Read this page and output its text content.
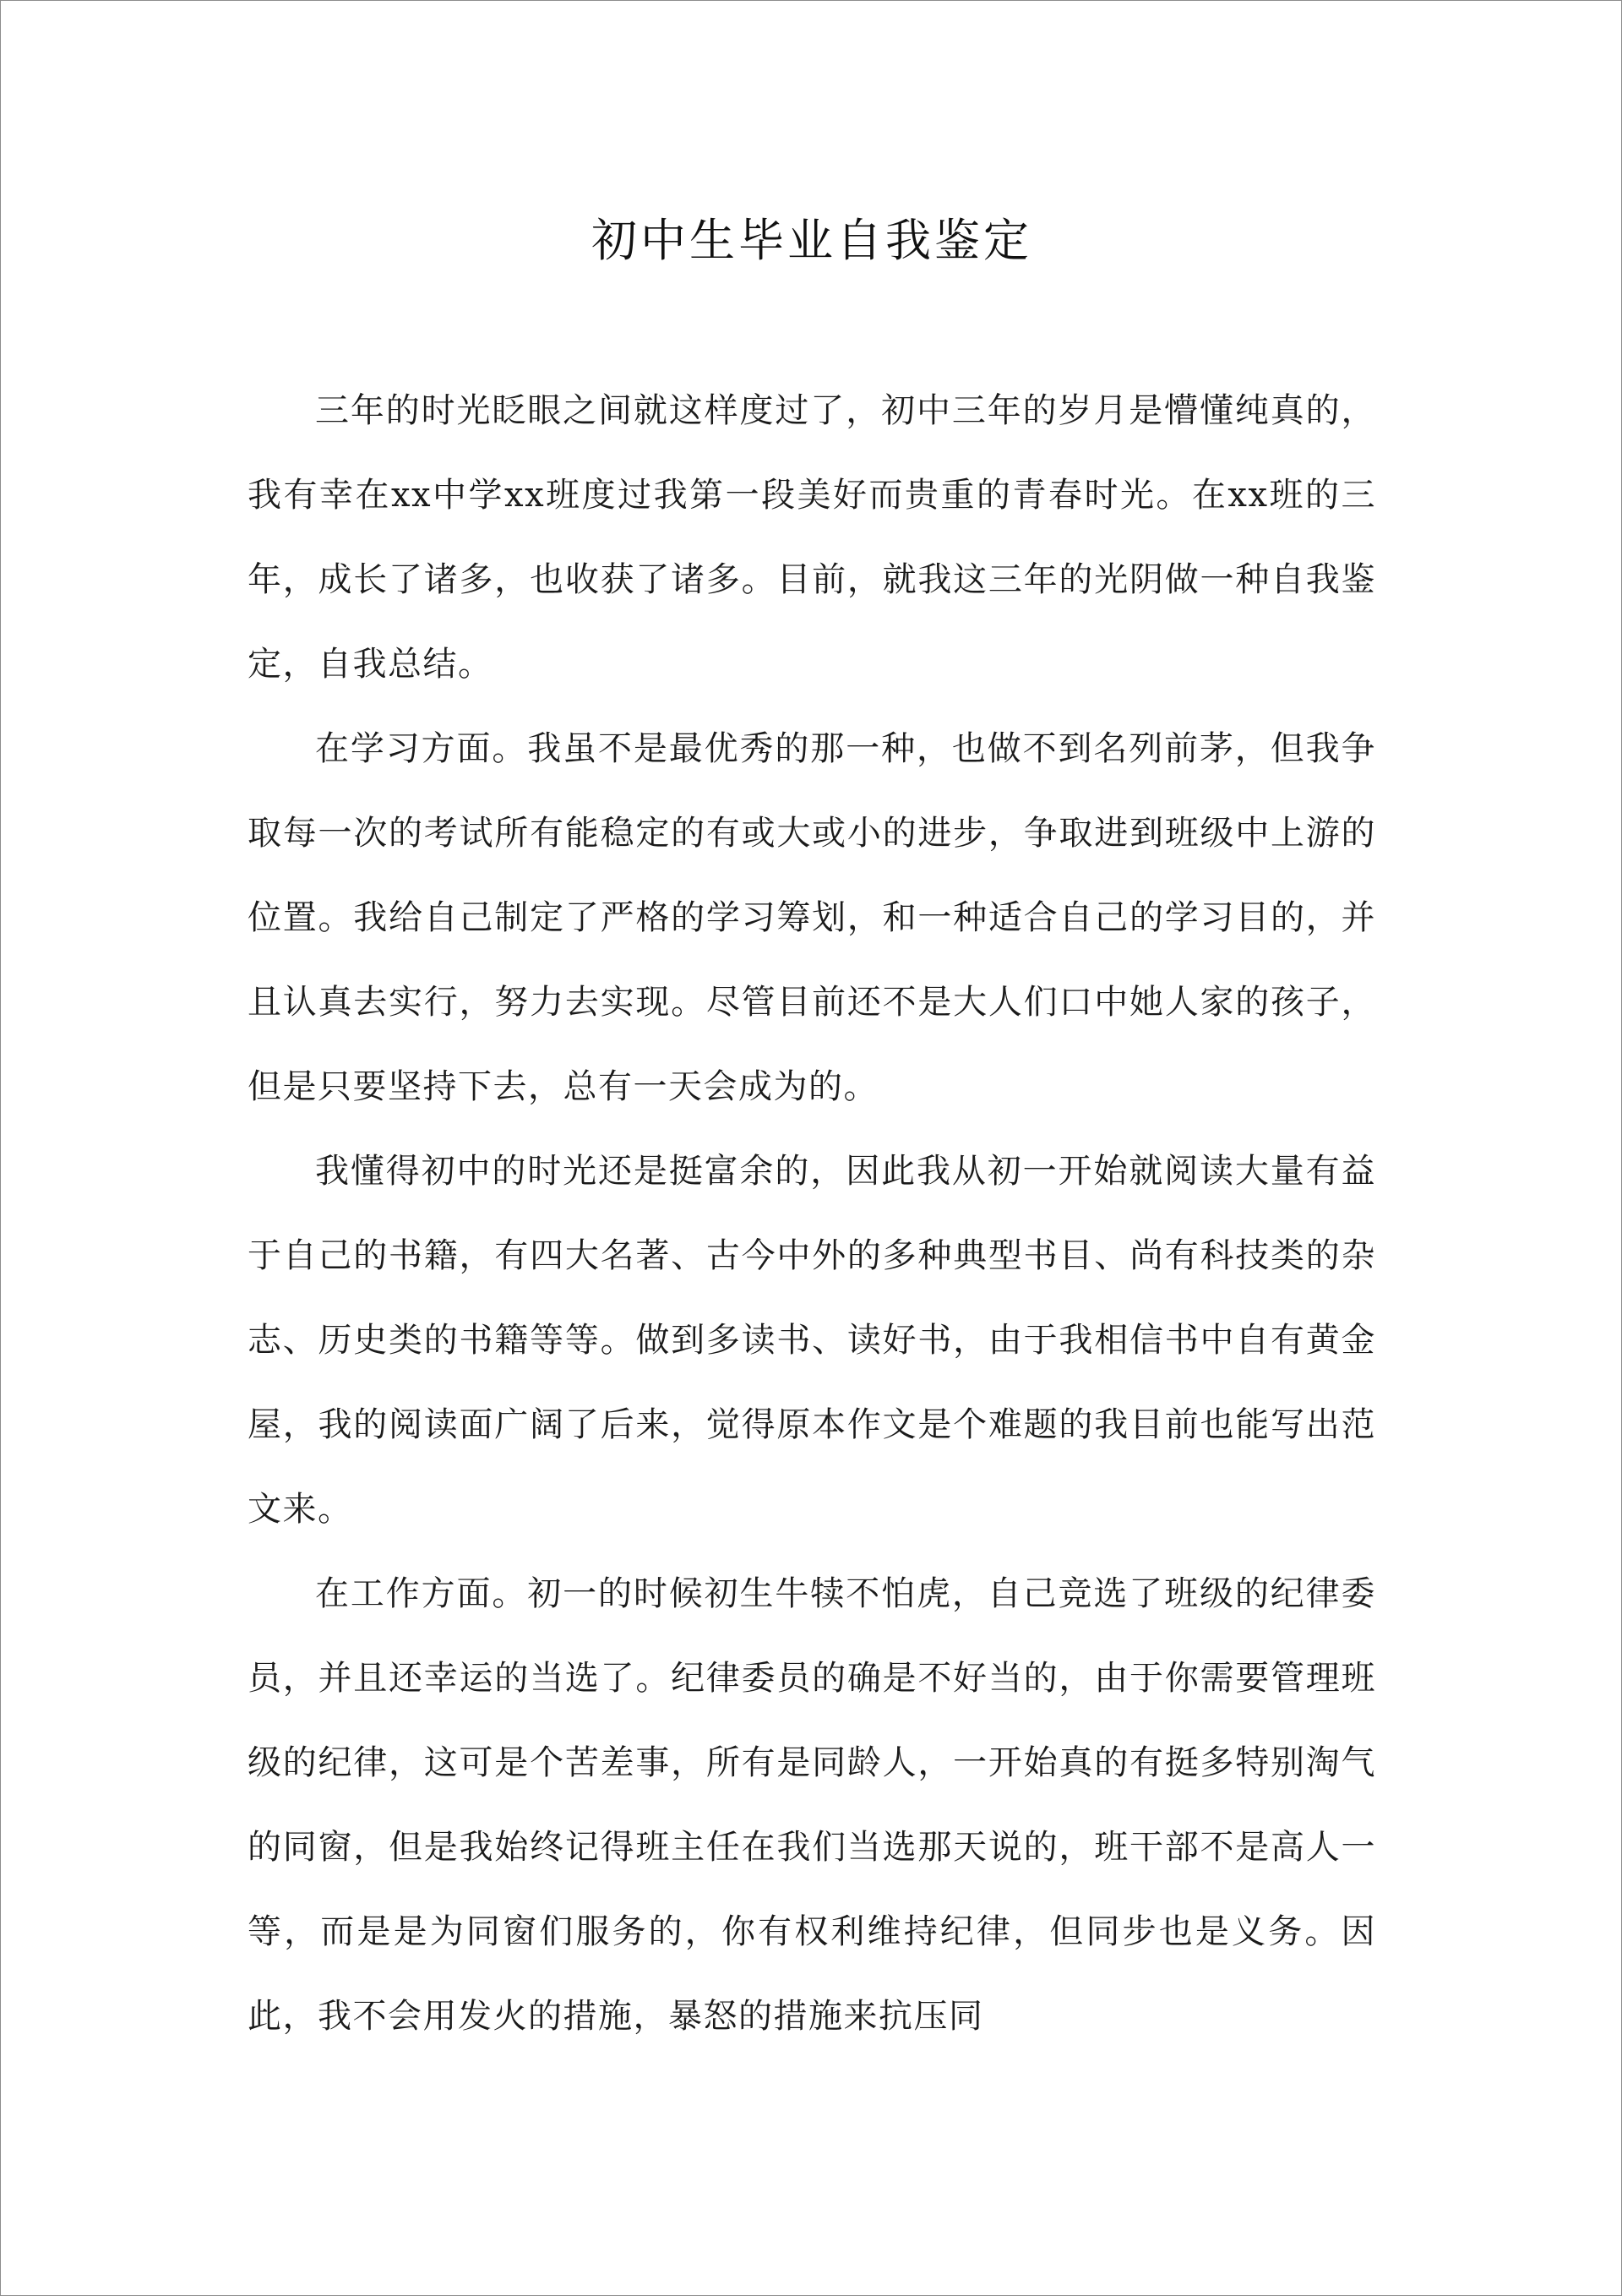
初中生毕业自我鉴定

三年的时光眨眼之间就这样度过了，初中三年的岁月是懵懂纯真的，我有幸在xx中学xx班度过我第一段美好而贵重的青春时光。在xx班的三年，成长了诸多，也收获了诸多。目前，就我这三年的光阴做一种自我鉴定，自我总结。

在学习方面。我虽不是最优秀的那一种，也做不到名列前茅，但我争取每一次的考试所有能稳定的有或大或小的进步，争取进到班级中上游的位置。我给自己制定了严格的学习筹划，和一种适合自己的学习目的，并且认真去实行，努力去实现。尽管目前还不是大人们口中她人家的孩子，但是只要坚持下去，总有一天会成为的。

我懂得初中的时光还是挺富余的，因此我从初一开始就阅读大量有益于自己的书籍，有四大名著、古今中外的多种典型书目、尚有科技类的杂志、历史类的书籍等等。做到多读书、读好书，由于我相信书中自有黄金屋，我的阅读面广阔了后来，觉得原本作文是个难题的我目前也能写出范文来。

在工作方面。初一的时候初生牛犊不怕虎，自己竞选了班级的纪律委员，并且还幸运的当选了。纪律委员的确是不好当的，由于你需要管理班级的纪律，这可是个苦差事，所有是同龄人，一开始真的有挺多特别淘气的同窗，但是我始终记得班主任在我们当选那天说的，班干部不是高人一等，而是是为同窗们服务的，你有权利维持纪律，但同步也是义务。因此，我不会用发火的措施，暴怒的措施来抗压同
